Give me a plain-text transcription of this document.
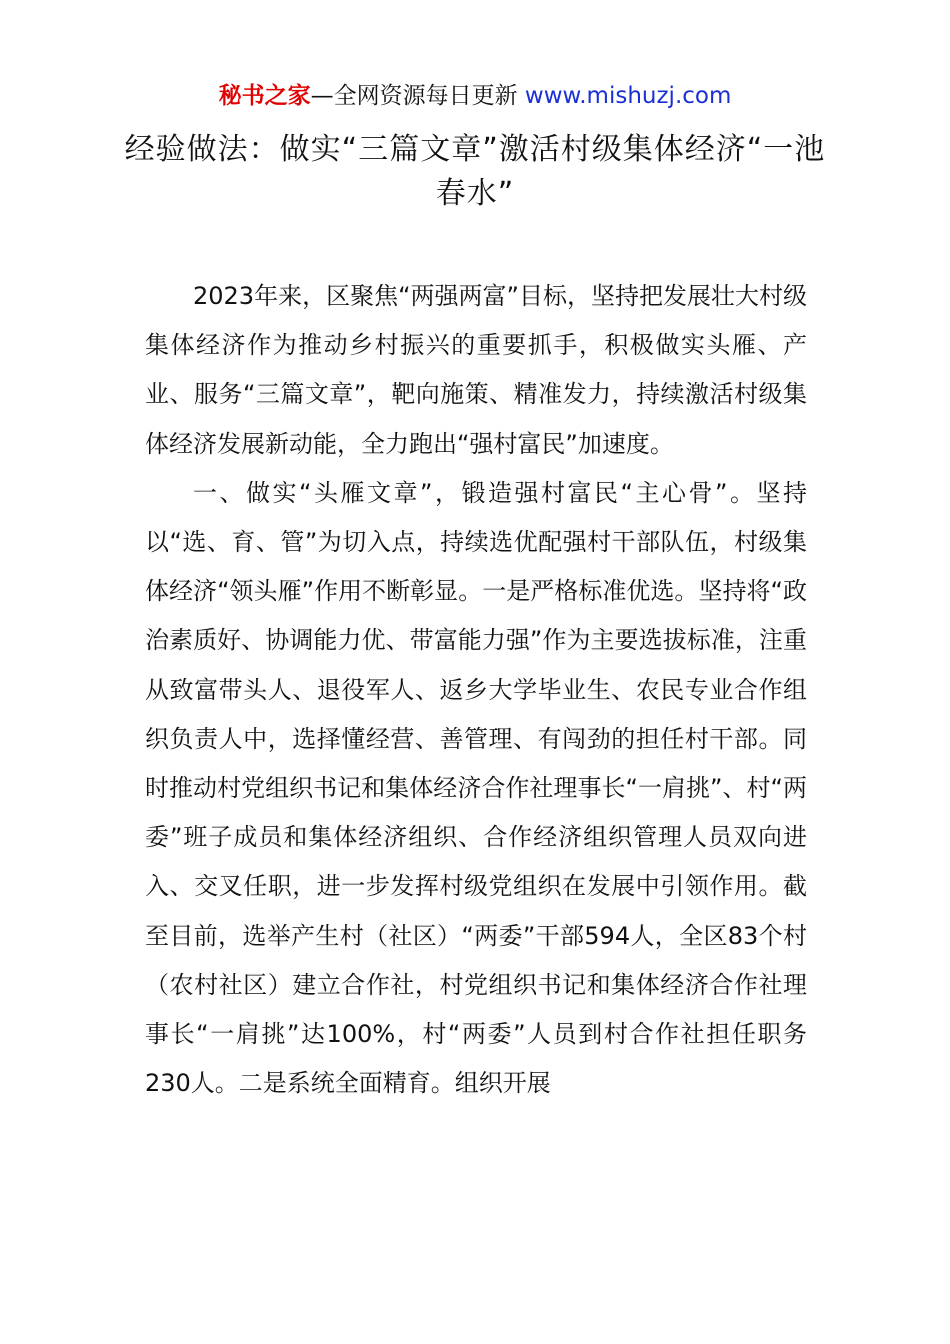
秘书之家—全网资源每日更新 www.mishuzj.com
经验做法：做实“三篇文章”激活村级集体经济“一池春水”

2023年来，区聚焦“两强两富”目标，坚持把发展壮大村级集体经济作为推动乡村振兴的重要抓手，积极做实头雁、产业、服务“三篇文章”，靶向施策、精准发力，持续激活村级集体经济发展新动能，全力跑出“强村富民”加速度。

一、做实“头雁文章”，锻造强村富民“主心骨”。坚持以“选、育、管”为切入点，持续选优配强村干部队伍，村级集体经济“领头雁”作用不断彰显。一是严格标准优选。坚持将“政治素质好、协调能力优、带富能力强”作为主要选拔标准，注重从致富带头人、退役军人、返乡大学毕业生、农民专业合作组织负责人中，选择懂经营、善管理、有闯劲的担任村干部。同时推动村党组织书记和集体经济合作社理事长“一肩挑”、村“两委”班子成员和集体经济组织、合作经济组织管理人员双向进入、交叉任职，进一步发挥村级党组织在发展中引领作用。截至目前，选举产生村（社区）“两委”干部594人，全区83个村（农村社区）建立合作社，村党组织书记和集体经济合作社理事长“一肩挑”达100%，村“两委”人员到村合作社担任职务230人。二是系统全面精育。组织开展
